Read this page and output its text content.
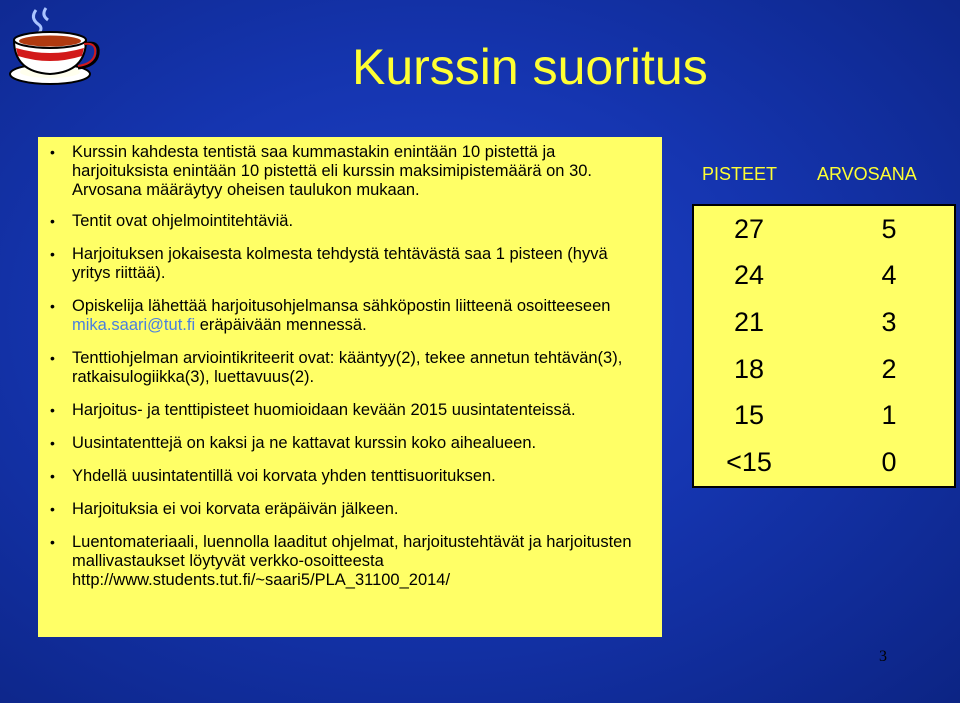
Kurssin suoritus
• Kurssin kahdesta tentistä saa kummastakin enintään 10 pistettä ja harjoituksista enintään 10 pistettä eli kurssin maksimipistemäärä on 30. Arvosana määräytyy oheisen taulukon mukaan.
• Tentit ovat ohjelmointitehtäviä.
• Harjoituksen jokaisesta kolmesta tehdystä tehtävästä saa 1 pisteen (hyvä yritys riittää).
• Opiskelija lähettää harjoitusohjelmansa sähköpostin liitteenä osoitteeseen mika.saari@tut.fi eräpäivään mennessä.
• Tenttiohjelman arviointikriteerit ovat: kääntyy(2), tekee annetun tehtävän(3), ratkaisulogiikka(3), luettavuus(2).
• Harjoitus- ja tenttipisteet huomioidaan kevään 2015 uusintatenteissä.
• Uusintatenttejä on kaksi ja ne kattavat kurssin koko aihealueen.
• Yhdellä uusintatentillä voi korvata yhden tenttisuorituksen.
• Harjoituksia ei voi korvata eräpäivän jälkeen.
• Luentomateriaali, luennolla laaditut ohjelmat, harjoitustehtävät ja harjoitusten mallivastaukset löytyvät verkko-osoitteesta http://www.students.tut.fi/~saari5/PLA_31100_2014/
PISTEET ARVOSANA
27	5
24	4
21	3
18	2
15	1
<15	0
3
